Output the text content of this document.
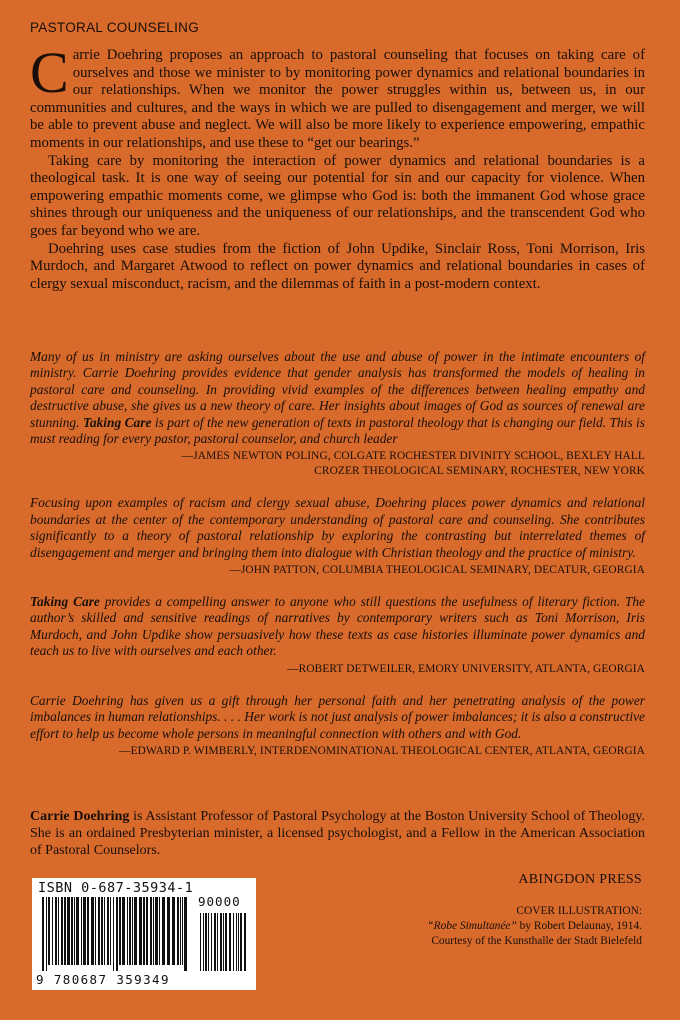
PASTORAL COUNSELING

Carrie Doehring proposes an approach to pastoral counseling that focuses on taking care of ourselves and those we minister to by monitoring power dynamics and relational boundaries in our relationships. When we monitor the power struggles within us, between us, in our communities and cultures, and the ways in which we are pulled to disengagement and merger, we will be able to prevent abuse and neglect. We will also be more likely to experience empowering, empathic moments in our relationships, and use these to “get our bearings.”

Taking care by monitoring the interaction of power dynamics and relational boundaries is a theological task. It is one way of seeing our potential for sin and our capacity for violence. When empowering empathic moments come, we glimpse who God is: both the immanent God whose grace shines through our uniqueness and the uniqueness of our relationships, and the transcendent God who goes far beyond who we are.

Doehring uses case studies from the fiction of John Updike, Sinclair Ross, Toni Morrison, Iris Murdoch, and Margaret Atwood to reflect on power dynamics and relational boundaries in cases of clergy sexual misconduct, racism, and the dilemmas of faith in a post-modern context.

Many of us in ministry are asking ourselves about the use and abuse of power in the intimate encounters of ministry. Carrie Doehring provides evidence that gender analysis has transformed the models of healing in pastoral care and counseling. In providing vivid examples of the differences between healing empathy and destructive abuse, she gives us a new theory of care. Her insights about images of God as sources of renewal are stunning. Taking Care is part of the new generation of texts in pastoral theology that is changing our field. This is must reading for every pastor, pastoral counselor, and church leader

—JAMES NEWTON POLING, COLGATE ROCHESTER DIVINITY SCHOOL, BEXLEY HALL
CROZER THEOLOGICAL SEMINARY, ROCHESTER, NEW YORK

Focusing upon examples of racism and clergy sexual abuse, Doehring places power dynamics and relational boundaries at the center of the contemporary understanding of pastoral care and counseling. She contributes significantly to a theory of pastoral relationship by exploring the contrasting but interrelated themes of disengagement and merger and bringing them into dialogue with Christian theology and the practice of ministry.

—JOHN PATTON, COLUMBIA THEOLOGICAL SEMINARY, DECATUR, GEORGIA

Taking Care provides a compelling answer to anyone who still questions the usefulness of literary fiction. The author’s skilled and sensitive readings of narratives by contemporary writers such as Toni Morrison, Iris Murdoch, and John Updike show persuasively how these texts as case histories illuminate power dynamics and teach us to live with ourselves and each other.

—ROBERT DETWEILER, EMORY UNIVERSITY, ATLANTA, GEORGIA

Carrie Doehring has given us a gift through her personal faith and her penetrating analysis of the power imbalances in human relationships. . . . Her work is not just analysis of power imbalances; it is also a constructive effort to help us become whole persons in meaningful connection with others and with God.

—EDWARD P. WIMBERLY, INTERDENOMINATIONAL THEOLOGICAL CENTER, ATLANTA, GEORGIA
Carrie Doehring is Assistant Professor of Pastoral Psychology at the Boston University School of Theology. She is an ordained Presbyterian minister, a licensed psychologist, and a Fellow in the American Association of Pastoral Counselors.
ABINGDON PRESS
COVER ILLUSTRATION:
“Robe Simultanée” by Robert Delaunay, 1914.
Courtesy of the Kunsthalle der Stadt Bielefeld
ISBN 0-687-35934-1
90000
9 780687 359349
